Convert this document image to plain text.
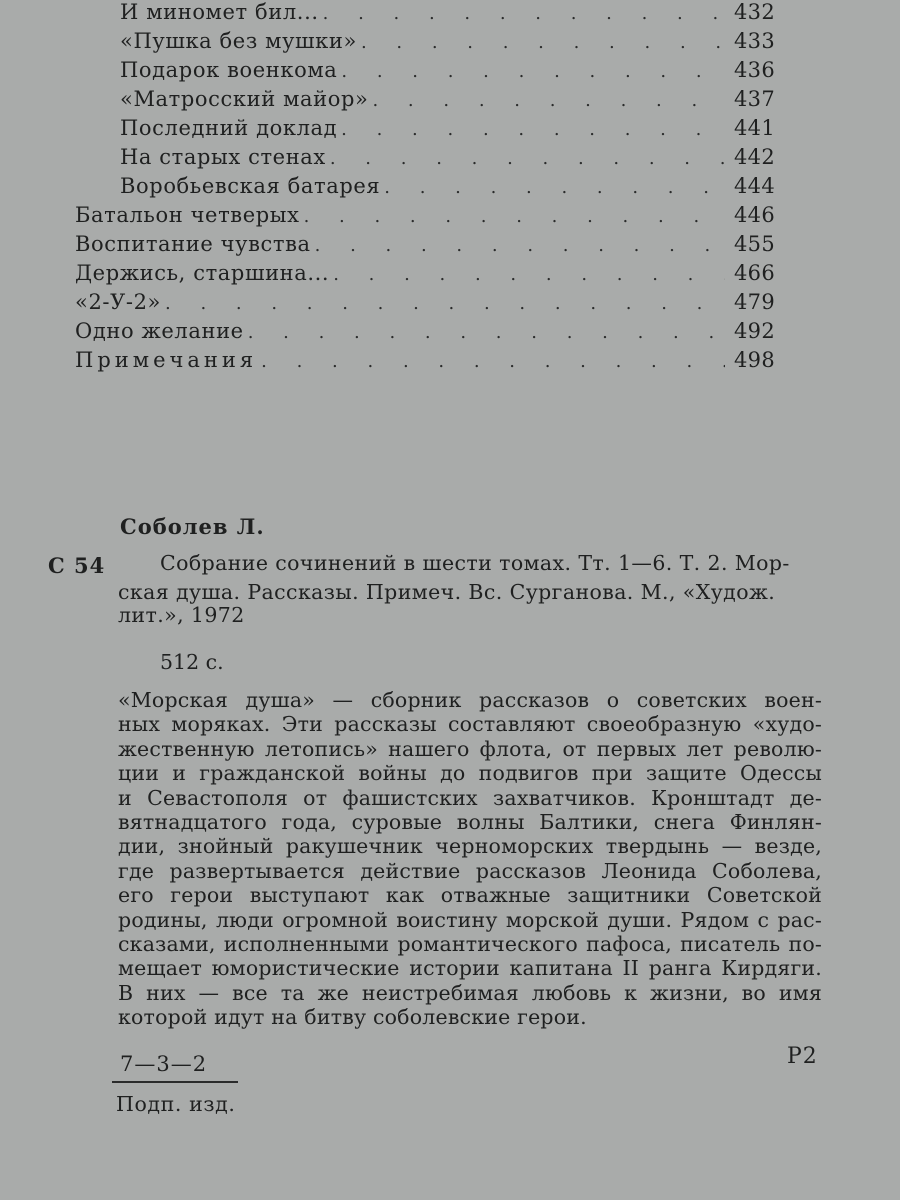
И миномет бил... . . .	432
«Пушка без мушки» . . .	433
Подарок военкома . . .	436
«Матросский майор» . . .	437
Последний доклад . . .	441
На старых стенах . . .	442
Воробьевская батарея . . .	444
Батальон четверых . . .	446
Воспитание чувства . . .	455
Держись, старшина... . . .	466
«2-У-2» . . .	479
Одно желание . . .	492
Примечания . . .	498
Соболев Л.
С 54	Собрание сочинений в шести томах. Тт. 1—6. Т. 2. Мор-
ская душа. Рассказы. Примеч. Вс. Сурганова. М., «Худож.
лит.», 1972
512 с.
«Морская душа» — сборник рассказов о советских воен-
ных моряках. Эти рассказы составляют своеобразную «худо-
жественную летопись» нашего флота, от первых лет револю-
ции и гражданской войны до подвигов при защите Одессы
и Севастополя от фашистских захватчиков. Кронштадт де-
вятнадцатого года, суровые волны Балтики, снега Финлян-
дии, знойный ракушечник черноморских твердынь — везде,
где развертывается действие рассказов Леонида Соболева,
его герои выступают как отважные защитники Советской
родины, люди огромной воистину морской души. Рядом с рас-
сказами, исполненными романтического пафоса, писатель по-
мещает юмористические истории капитана II ранга Кирдяги.
В них — все та же неистребимая любовь к жизни, во имя
которой идут на битву соболевские герои.
7—3—2
Подп. изд.
Р2
